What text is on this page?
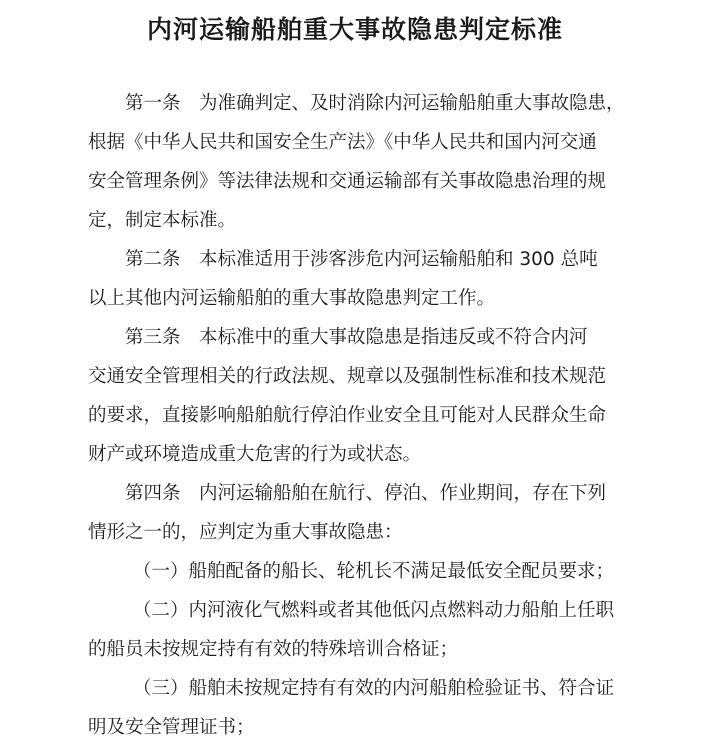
内河运输船舶重大事故隐患判定标准
第一条　为准确判定、及时消除内河运输船舶重大事故隐患，
根据《中华人民共和国安全生产法》《中华人民共和国内河交通
安全管理条例》等法律法规和交通运输部有关事故隐患治理的规
定，制定本标准。
第二条　本标准适用于涉客涉危内河运输船舶和 300 总吨
以上其他内河运输船舶的重大事故隐患判定工作。
第三条　本标准中的重大事故隐患是指违反或不符合内河
交通安全管理相关的行政法规、规章以及强制性标准和技术规范
的要求，直接影响船舶航行停泊作业安全且可能对人民群众生命
财产或环境造成重大危害的行为或状态。
第四条　内河运输船舶在航行、停泊、作业期间，存在下列
情形之一的，应判定为重大事故隐患：
（一）船舶配备的船长、轮机长不满足最低安全配员要求；
（二）内河液化气燃料或者其他低闪点燃料动力船舶上任职
的船员未按规定持有有效的特殊培训合格证；
（三）船舶未按规定持有有效的内河船舶检验证书、符合证
明及安全管理证书；
